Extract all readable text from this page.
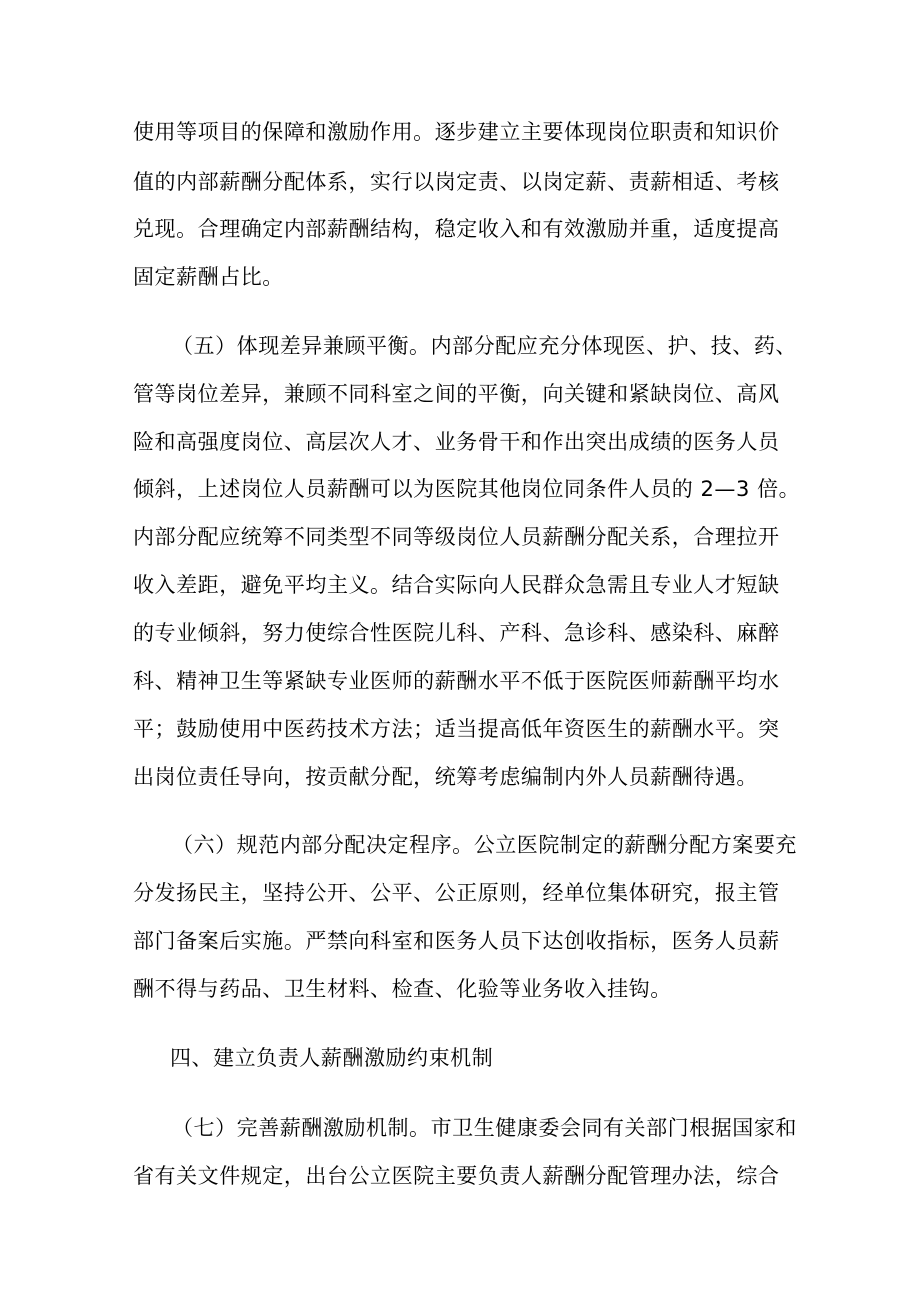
使用等项目的保障和激励作用。逐步建立主要体现岗位职责和知识价
值的内部薪酬分配体系，实行以岗定责、以岗定薪、责薪相适、考核
兑现。合理确定内部薪酬结构，稳定收入和有效激励并重，适度提高
固定薪酬占比。
（五）体现差异兼顾平衡。内部分配应充分体现医、护、技、药、
管等岗位差异，兼顾不同科室之间的平衡，向关键和紧缺岗位、高风
险和高强度岗位、高层次人才、业务骨干和作出突出成绩的医务人员
倾斜，上述岗位人员薪酬可以为医院其他岗位同条件人员的 2—3 倍。
内部分配应统筹不同类型不同等级岗位人员薪酬分配关系，合理拉开
收入差距，避免平均主义。结合实际向人民群众急需且专业人才短缺
的专业倾斜，努力使综合性医院儿科、产科、急诊科、感染科、麻醉
科、精神卫生等紧缺专业医师的薪酬水平不低于医院医师薪酬平均水
平；鼓励使用中医药技术方法；适当提高低年资医生的薪酬水平。突
出岗位责任导向，按贡献分配，统筹考虑编制内外人员薪酬待遇。
（六）规范内部分配决定程序。公立医院制定的薪酬分配方案要充
分发扬民主，坚持公开、公平、公正原则，经单位集体研究，报主管
部门备案后实施。严禁向科室和医务人员下达创收指标，医务人员薪
酬不得与药品、卫生材料、检查、化验等业务收入挂钩。
四、建立负责人薪酬激励约束机制
（七）完善薪酬激励机制。市卫生健康委会同有关部门根据国家和
省有关文件规定，出台公立医院主要负责人薪酬分配管理办法，综合
